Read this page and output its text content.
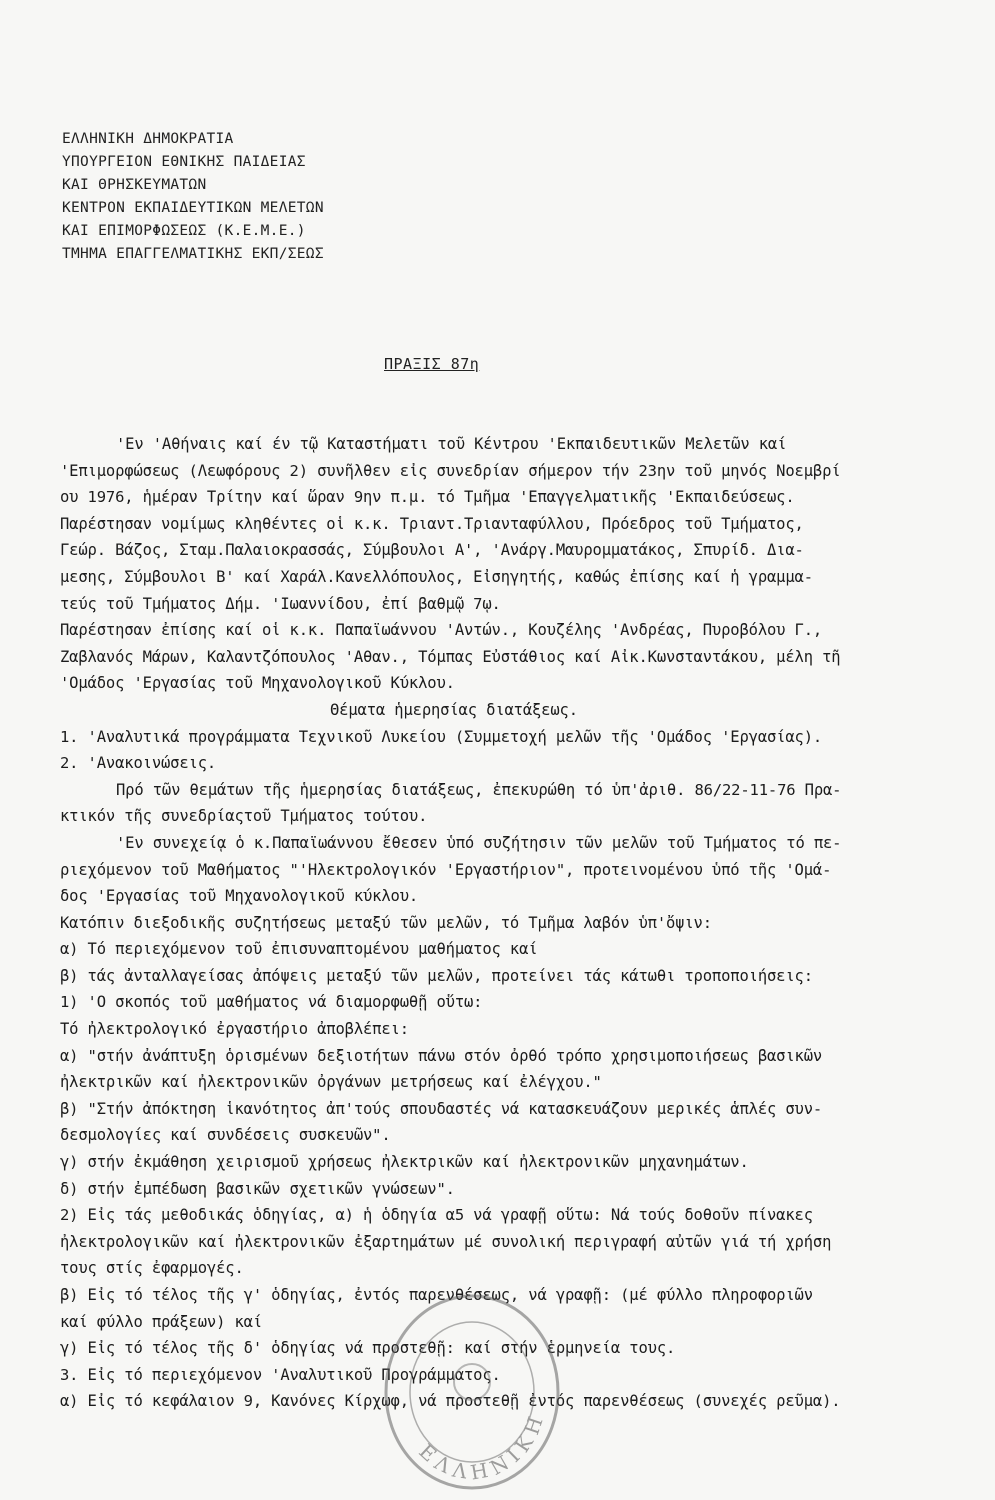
ΕΛΛΗΝΙΚΗ ΔΗΜΟΚΡΑΤΙΑ
ΥΠΟΥΡΓΕΙΟΝ ΕΘΝΙΚΗΣ ΠΑΙΔΕΙΑΣ
ΚΑΙ ΘΡΗΣΚΕΥΜΑΤΩΝ
ΚΕΝΤΡΟΝ ΕΚΠΑΙΔΕΥΤΙΚΩΝ ΜΕΛΕΤΩΝ
ΚΑΙ ΕΠΙΜΟΡΦΩΣΕΩΣ (Κ.Ε.Μ.Ε.)
ΤΜΗΜΑ ΕΠΑΓΓΕΛΜΑΤΙΚΗΣ ΕΚΠ/ΣΕΩΣ
ΠΡΑΞΙΣ 87η
'Εν 'Αθήναις καί έν τῷ Καταστήματι τοῦ Κέντρου 'Εκπαιδευτικῶν Μελετῶν καί
'Επιμορφώσεως (Λεωφόρους 2) συνῆλθεν εἰς συνεδρίαν σήμερον τήν 23ην τοῦ μηνός Νοεμβρί
ου 1976, ἡμέραν Τρίτην καί ὥραν 9ην π.μ. τό Τμῆμα 'Επαγγελματικῆς 'Εκπαιδεύσεως.
Παρέστησαν νομίμως κληθέντες οἱ κ.κ. Τριαντ.Τριανταφύλλου, Πρόεδρος τοῦ Τμήματος,
Γεώρ. Βάζος, Σταμ.Παλαιοκρασσάς, Σύμβουλοι Α', 'Ανάργ.Μαυρομματάκος, Σπυρίδ. Δια-
μεσης, Σύμβουλοι Β' καί Χαράλ.Κανελλόπουλος, Εἰσηγητής, καθώς ἐπίσης καί ἡ γραμμα-
τεύς τοῦ Τμήματος Δήμ. 'Ιωαννίδου, ἐπί βαθμῷ 7ῳ.
Παρέστησαν ἐπίσης καί οἱ κ.κ. Παπαϊωάννου 'Αντών., Κουζέλης 'Ανδρέας, Πυροβόλου Γ.,
Ζαβλανός Μάρων, Καλαντζόπουλος 'Αθαν., Τόμπας Εὐστάθιος καί Αἰκ.Κωνσταντάκου, μέλη τῆ
'Ομάδος 'Εργασίας τοῦ Μηχανολογικοῦ Κύκλου.
Θέματα ἡμερησίας διατάξεως.
1. 'Αναλυτικά προγράμματα Τεχνικοῦ Λυκείου (Συμμετοχή μελῶν τῆς 'Ομάδος 'Εργασίας).
2. 'Ανακοινώσεις.
Πρό τῶν θεμάτων τῆς ἡμερησίας διατάξεως, ἐπεκυρώθη τό ὑπ'ἀριθ. 86/22-11-76 Πρα-
κτικόν τῆς συνεδρίαςτοῦ Τμήματος τούτου.
'Εν συνεχείᾳ ὁ κ.Παπαϊωάννου ἔθεσεν ὑπό συζήτησιν τῶν μελῶν τοῦ Τμήματος τό πε-
ριεχόμενον τοῦ Μαθήματος "'Ηλεκτρολογικόν 'Εργαστήριον", προτεινομένου ὑπό τῆς 'Ομά-
δος 'Εργασίας τοῦ Μηχανολογικοῦ κύκλου.
Κατόπιν διεξοδικῆς συζητήσεως μεταξύ τῶν μελῶν, τό Τμῆμα λαβόν ὑπ'ὄψιν:
α) Τό περιεχόμενον τοῦ ἐπισυναπτομένου μαθήματος καί
β) τάς ἀνταλλαγείσας ἀπόψεις μεταξύ τῶν μελῶν, προτείνει τάς κάτωθι τροποποιήσεις:
1) 'Ο σκοπός τοῦ μαθήματος νά διαμορφωθῇ οὕτω:
Τό ἠλεκτρολογικό ἐργαστήριο ἀποβλέπει:
α) "στήν ἀνάπτυξη ὁρισμένων δεξιοτήτων πάνω στόν ὀρθό τρόπο χρησιμοποιήσεως βασικῶν
ἠλεκτρικῶν καί ἠλεκτρονικῶν ὀργάνων μετρήσεως καί ἐλέγχου."
β) "Στήν ἀπόκτηση ἱκανότητος ἀπ'τούς σπουδαστές νά κατασκευάζουν μερικές ἁπλές συν-
δεσμολογίες καί συνδέσεις συσκευῶν".
γ) στήν ἐκμάθηση χειρισμοῦ χρήσεως ἠλεκτρικῶν καί ἠλεκτρονικῶν μηχανημάτων.
δ) στήν ἐμπέδωση βασικῶν σχετικῶν γνώσεων".
2) Εἰς τάς μεθοδικάς ὁδηγίας, α) ἡ ὁδηγία α5 νά γραφῇ οὕτω: Νά τούς δοθοῦν πίνακες
ἠλεκτρολογικῶν καί ἠλεκτρονικῶν ἐξαρτημάτων μέ συνολική περιγραφή αὐτῶν γιά τή χρήση
τους στίς ἐφαρμογές.
β) Εἰς τό τέλος τῆς γ' ὁδηγίας, ἐντός παρενθέσεως, νά γραφῇ: (μέ φύλλο πληροφοριῶν
καί φύλλο πράξεων) καί
γ) Εἰς τό τέλος τῆς δ' ὁδηγίας νά προστεθῇ: καί στήν ἑρμηνεία τους.
3. Εἰς τό περιεχόμενον 'Αναλυτικοῦ Προγράμματος.
α) Εἰς τό κεφάλαιον 9, Κανόνες Κίρχωφ, νά προστεθῇ ἐντός παρενθέσεως (συνεχές ρεῦμα).
ΕΛΛΗΝΙΚΗ
